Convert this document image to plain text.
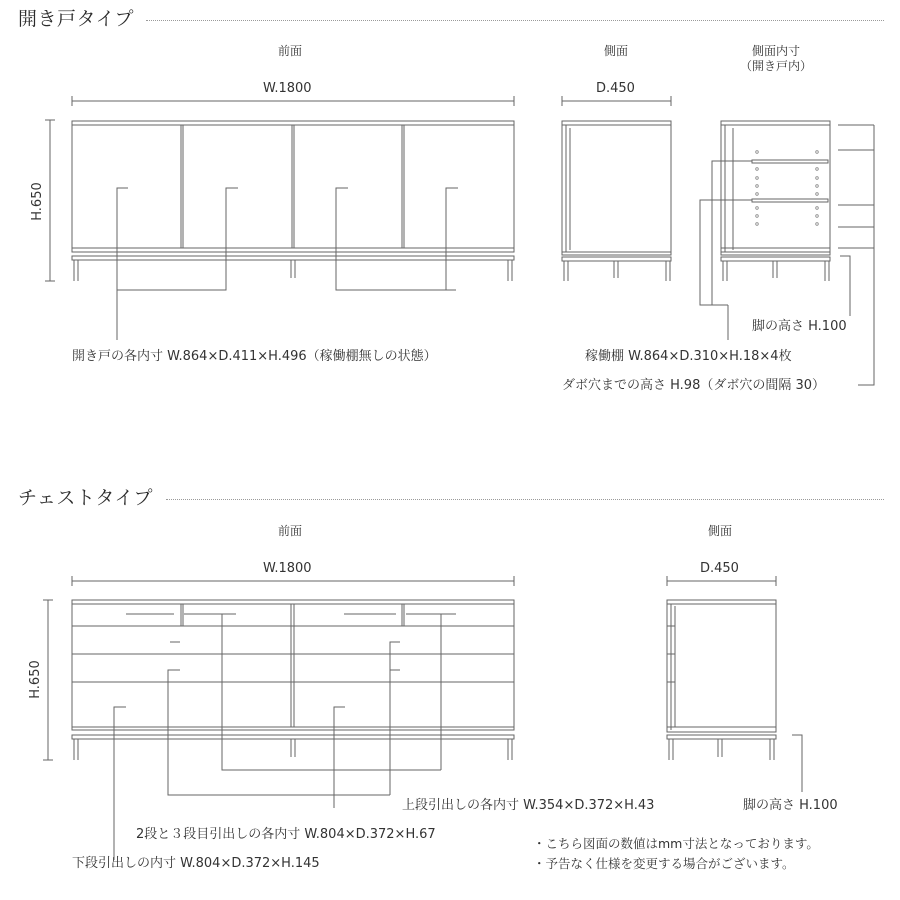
開き戸タイプ
チェストタイプ
前面
W.1800
H.650
側面
D.450
側面内寸
（開き戸内）
開き戸の各内寸 W.864×D.411×H.496（稼働棚無しの状態）
脚の高さ H.100
稼働棚 W.864×D.310×H.18×4枚
ダボ穴までの高さ H.98（ダボ穴の間隔 30）
前面
W.1800
H.650
側面
D.450
上段引出しの各内寸 W.354×D.372×H.43	脚の高さ H.100
2段と３段目引出しの各内寸 W.804×D.372×H.67
下段引出しの内寸 W.804×D.372×H.145
・こちら図面の数値はmm寸法となっております。
・予告なく仕様を変更する場合がございます。
